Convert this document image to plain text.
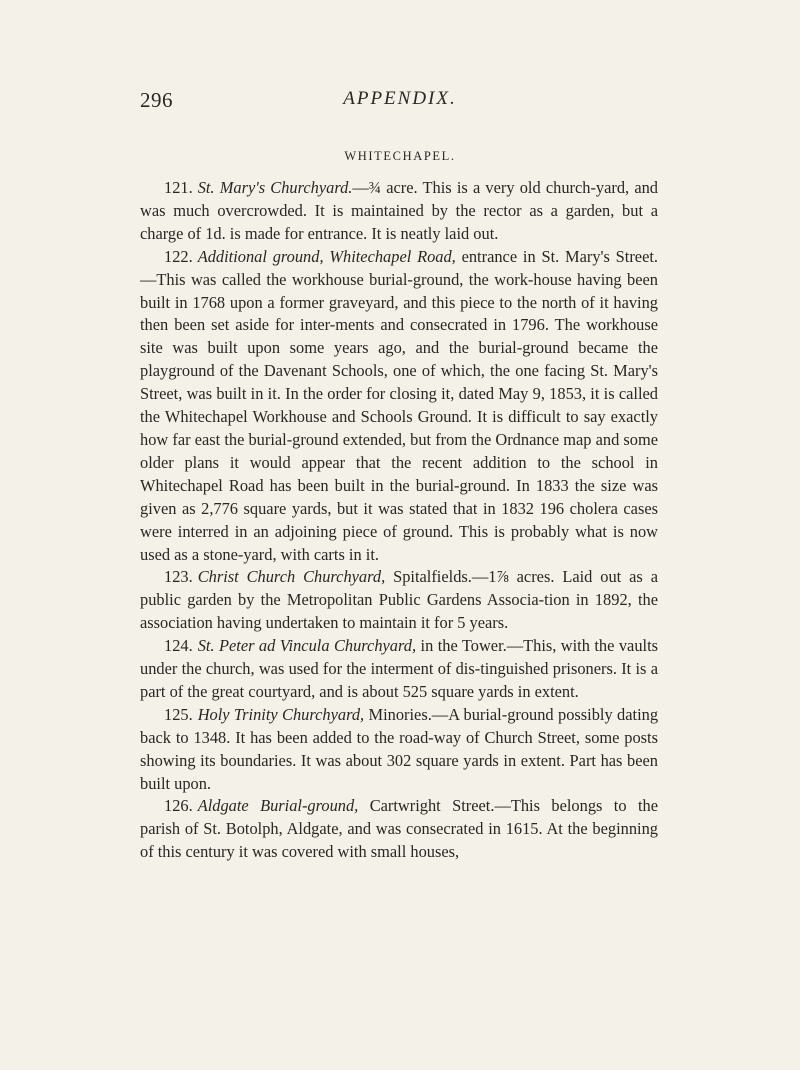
296	APPENDIX.
WHITECHAPEL.

121. St. Mary's Churchyard.—¾ acre. This is a very old church-yard, and was much overcrowded. It is maintained by the rector as a garden, but a charge of 1d. is made for entrance. It is neatly laid out.

122. Additional ground, Whitechapel Road, entrance in St. Mary's Street.—This was called the workhouse burial-ground, the work-house having been built in 1768 upon a former graveyard, and this piece to the north of it having then been set aside for inter-ments and consecrated in 1796. The workhouse site was built upon some years ago, and the burial-ground became the playground of the Davenant Schools, one of which, the one facing St. Mary's Street, was built in it. In the order for closing it, dated May 9, 1853, it is called the Whitechapel Workhouse and Schools Ground. It is difficult to say exactly how far east the burial-ground extended, but from the Ordnance map and some older plans it would appear that the recent addition to the school in Whitechapel Road has been built in the burial-ground. In 1833 the size was given as 2,776 square yards, but it was stated that in 1832 196 cholera cases were interred in an adjoining piece of ground. This is probably what is now used as a stone-yard, with carts in it.

123. Christ Church Churchyard, Spitalfields.—1⅞ acres. Laid out as a public garden by the Metropolitan Public Gardens Associa-tion in 1892, the association having undertaken to maintain it for 5 years.

124. St. Peter ad Vincula Churchyard, in the Tower.—This, with the vaults under the church, was used for the interment of dis-tinguished prisoners. It is a part of the great courtyard, and is about 525 square yards in extent.

125. Holy Trinity Churchyard, Minories.—A burial-ground possibly dating back to 1348. It has been added to the road-way of Church Street, some posts showing its boundaries. It was about 302 square yards in extent. Part has been built upon.

126. Aldgate Burial-ground, Cartwright Street.—This belongs to the parish of St. Botolph, Aldgate, and was consecrated in 1615. At the beginning of this century it was covered with small houses,
